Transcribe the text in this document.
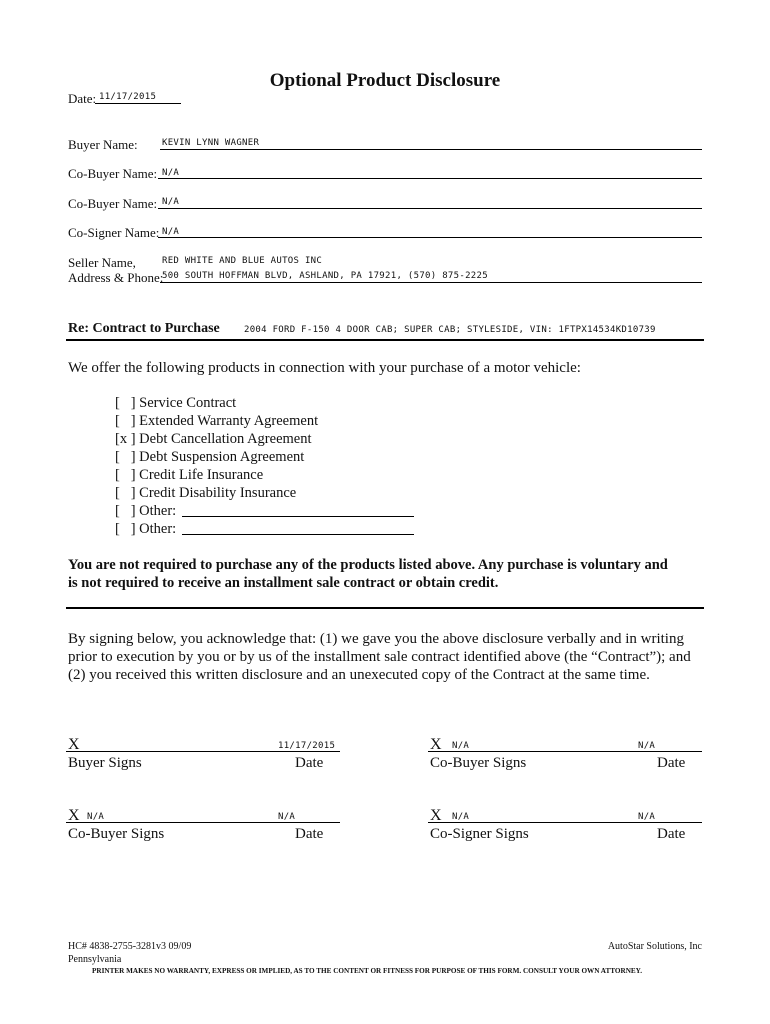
Optional Product Disclosure
Date: 11/17/2015
Buyer Name:	KEVIN LYNN WAGNER
Co-Buyer Name: N/A
Co-Buyer Name: N/A
Co-Signer Name: N/A
Seller Name,
Address & Phone:
RED WHITE AND BLUE AUTOS INC
500 SOUTH HOFFMAN BLVD, ASHLAND, PA 17921, (570) 875-2225
Re: Contract to Purchase	2004 FORD F-150 4 DOOR CAB; SUPER CAB; STYLESIDE, VIN: 1FTPX14534KD10739
We offer the following products in connection with your purchase of a motor vehicle:
[   ] Service Contract
[   ] Extended Warranty Agreement
[x ] Debt Cancellation Agreement
[   ] Debt Suspension Agreement
[   ] Credit Life Insurance
[   ] Credit Disability Insurance
[   ] Other:
[   ] Other:
You are not required to purchase any of the products listed above. Any purchase is voluntary and
is not required to receive an installment sale contract or obtain credit.
By signing below, you acknowledge that: (1) we gave you the above disclosure verbally and in writing
prior to execution by you or by us of the installment sale contract identified above (the “Contract”); and
(2) you received this written disclosure and an unexecuted copy of the Contract at the same time.
X	11/17/2015
Buyer Signs	Date
X N/A	N/A
Co-Buyer Signs	Date
X N/A	N/A
Co-Buyer Signs	Date
X N/A	N/A
Co-Signer Signs	Date
HC# 4838-2755-3281v3 09/09
Pennsylvania
AutoStar Solutions, Inc
PRINTER MAKES NO WARRANTY, EXPRESS OR IMPLIED, AS TO THE CONTENT OR FITNESS FOR PURPOSE OF THIS FORM. CONSULT YOUR OWN ATTORNEY.
